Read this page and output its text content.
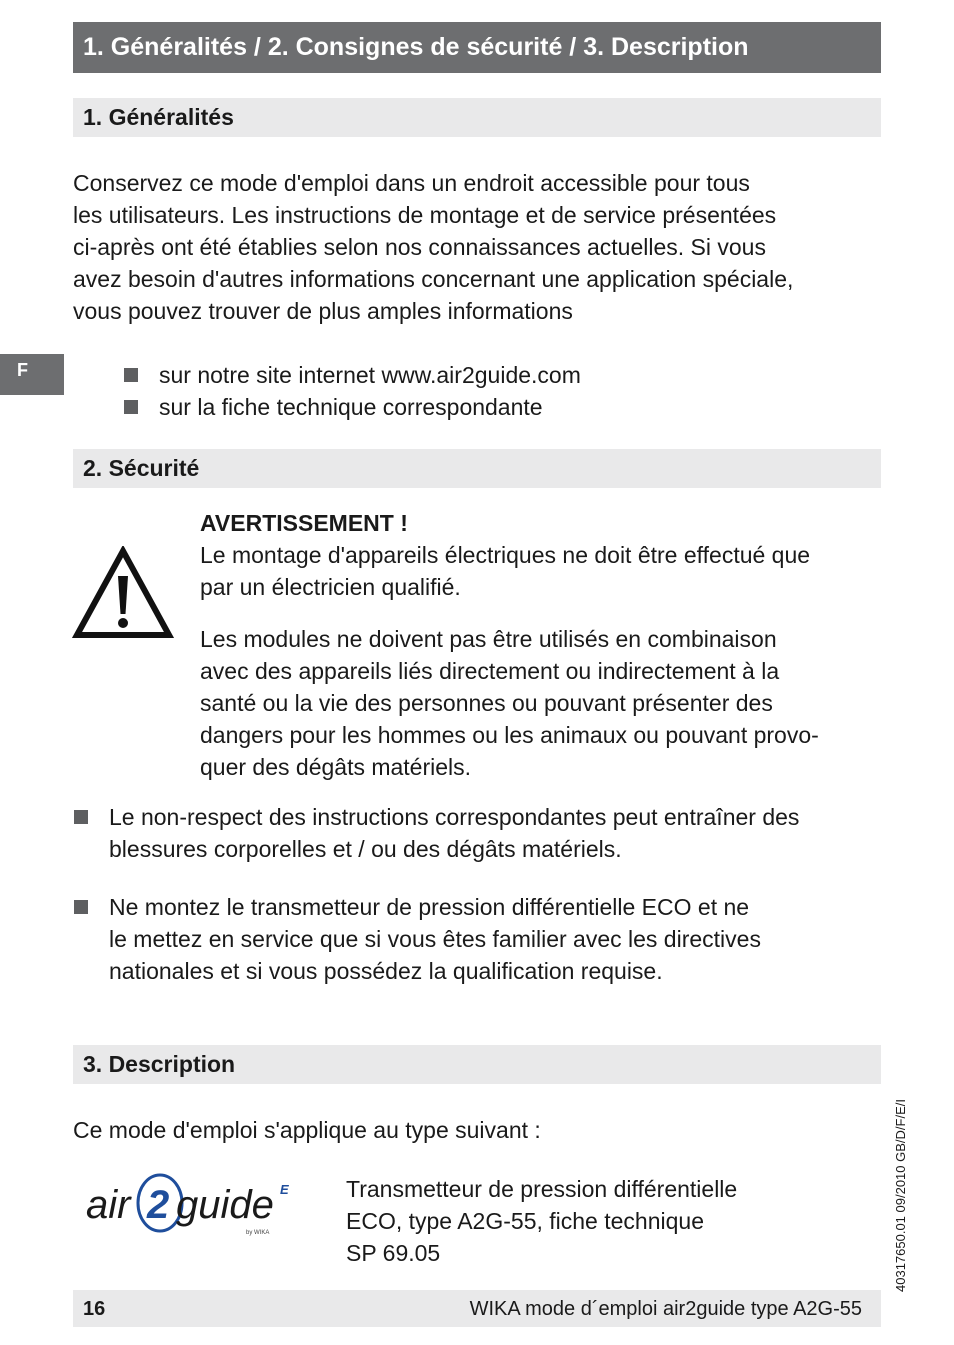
1. Généralités / 2. Consignes de sécurité / 3. Description
1. Généralités

Conservez ce mode d'emploi dans un endroit accessible pour tous

les utilisateurs. Les instructions de montage et de service présentées

ci-après ont été établies selon nos connaissances actuelles. Si vous

avez besoin d'autres informations concernant une application spéciale,

vous pouvez trouver de plus amples informations

F	sur notre site internet www.air2guide.com
sur la fiche technique correspondante
2. Sécurité

AVERTISSEMENT !

Le montage d'appareils électriques ne doit être effectué que

par un électricien qualifié.

Les modules ne doivent pas être utilisés en combinaison

avec des appareils liés directement ou indirectement à la

santé ou la vie des personnes ou pouvant présenter des

dangers pour les hommes ou les animaux ou pouvant provo-

quer des dégâts matériels.

Le non-respect des instructions correspondantes peut entraîner des

blessures corporelles et / ou des dégâts matériels.

Ne montez le transmetteur de pression différentielle ECO et ne

le mettez en service que si vous êtes familier avec les directives

nationales et si vous possédez la qualification requise.

3. Description
Ce mode d'emploi s'applique au type suivant :
air 2 guide E
by WIKA

Transmetteur de pression différentielle

ECO, type A2G-55, fiche technique

SP 69.05	40317650.01 09/2010 GB/D/F/E/I
16	WIKA mode d´emploi air2guide type A2G-55
